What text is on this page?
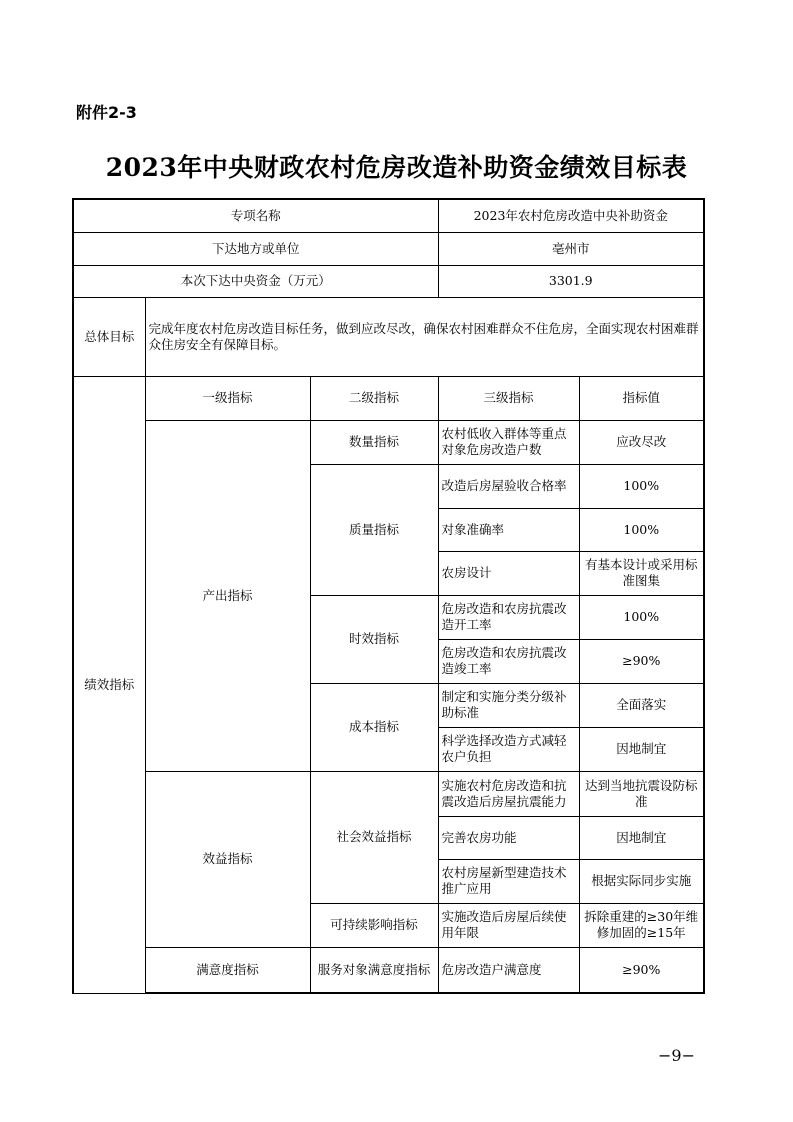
附件2-3
2023年中央财政农村危房改造补助资金绩效目标表
专项名称			2023年农村危房改造中央补助资金	
下达地方或单位			亳州市	
本次下达中央资金（万元）			3301.9	
总体目标	完成年度农村危房改造目标任务，做到应改尽改，确保农村困难群众不住危房，全面实现农村困难群众住房安全有保障目标。			
绩效指标	一级指标	二级指标	三级指标	指标值
	产出指标	数量指标	农村低收入群体等重点对象危房改造户数	应改尽改
		质量指标	改造后房屋验收合格率	100%
			对象准确率	100%
			农房设计	有基本设计或采用标准图集
		时效指标	危房改造和农房抗震改造开工率	100%
			危房改造和农房抗震改造竣工率	≥90%
		成本指标	制定和实施分类分级补助标准	全面落实
			科学选择改造方式减轻农户负担	因地制宜
	效益指标	社会效益指标	实施农村危房改造和抗震改造后房屋抗震能力	达到当地抗震设防标准
			完善农房功能	因地制宜
			农村房屋新型建造技术推广应用	根据实际同步实施
		可持续影响指标	实施改造后房屋后续使用年限	拆除重建的≥30年维修加固的≥15年
	满意度指标	服务对象满意度指标	危房改造户满意度	≥90%
−9−
